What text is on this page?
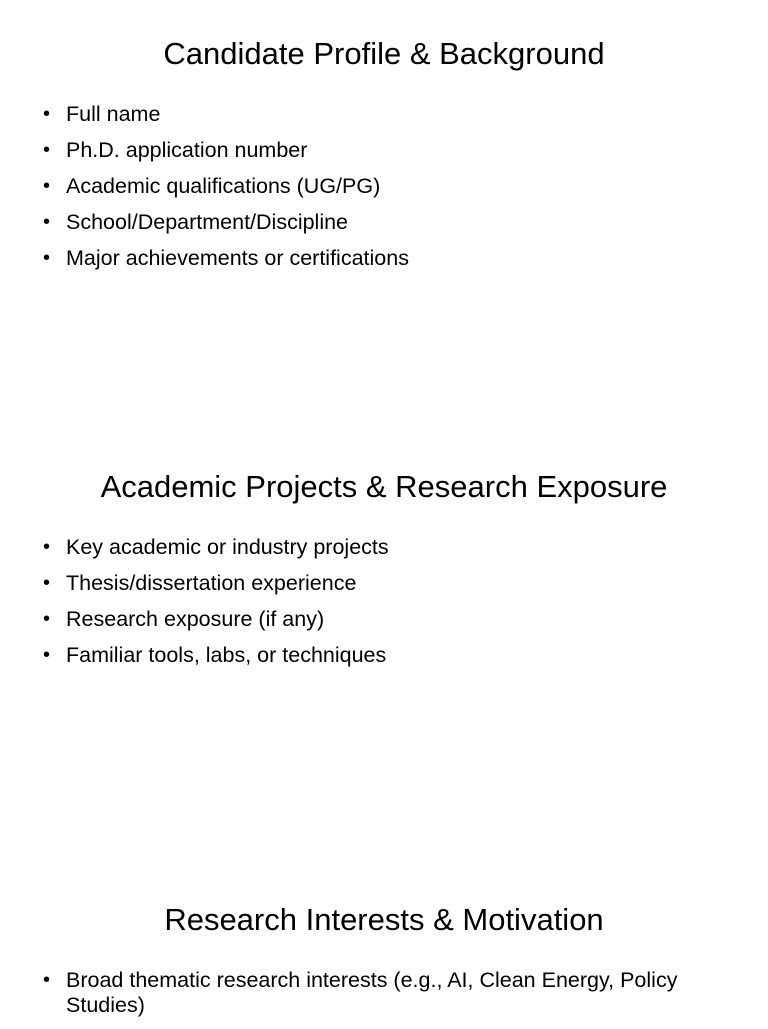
Candidate Profile & Background
• Full name
• Ph.D. application number
• Academic qualifications (UG/PG)
• School/Department/Discipline
• Major achievements or certifications
Academic Projects & Research Exposure
• Key academic or industry projects
• Thesis/dissertation experience
• Research exposure (if any)
• Familiar tools, labs, or techniques
Research Interests & Motivation
• Broad thematic research interests (e.g., AI, Clean Energy, Policy Studies)
